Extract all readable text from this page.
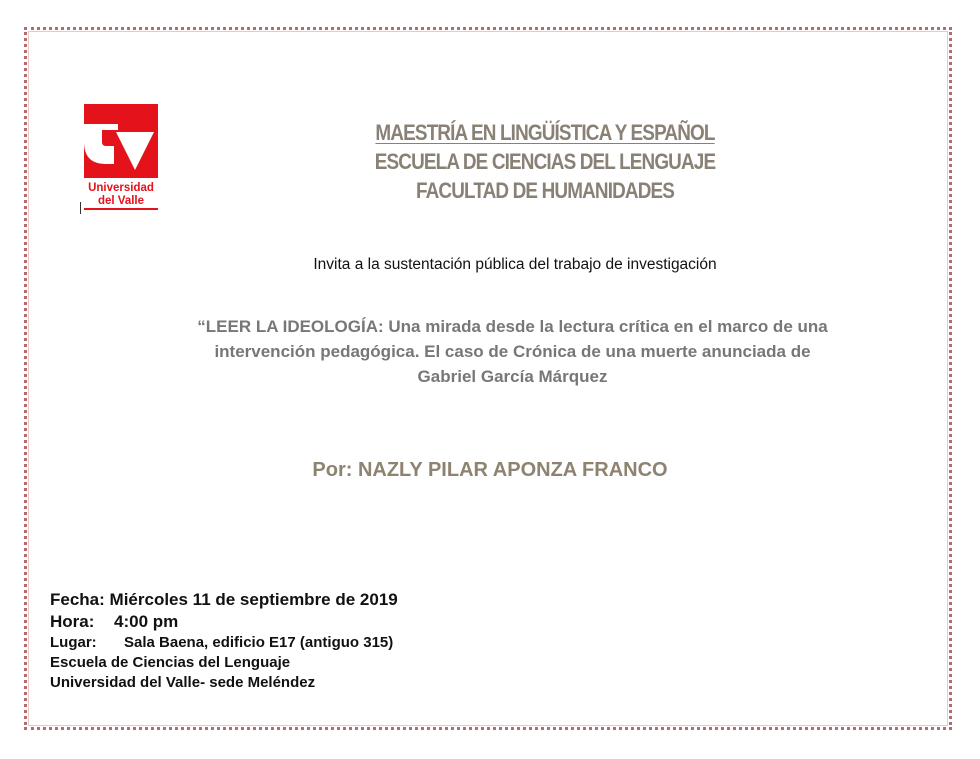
Universidad
del Valle
MAESTRÍA EN LINGÜÍSTICA Y ESPAÑOL
ESCUELA DE CIENCIAS DEL LENGUAJE
FACULTAD DE HUMANIDADES
Invita a la sustentación pública del trabajo de investigación
“LEER LA IDEOLOGÍA: Una mirada desde la lectura crítica en el marco de una
intervención pedagógica. El caso de Crónica de una muerte anunciada de
Gabriel García Márquez
Por: NAZLY PILAR APONZA FRANCO
Fecha: Miércoles 11 de septiembre de 2019
Hora: 4:00 pm
Lugar: Sala Baena, edificio E17 (antiguo 315)
Escuela de Ciencias del Lenguaje
Universidad del Valle- sede Meléndez
